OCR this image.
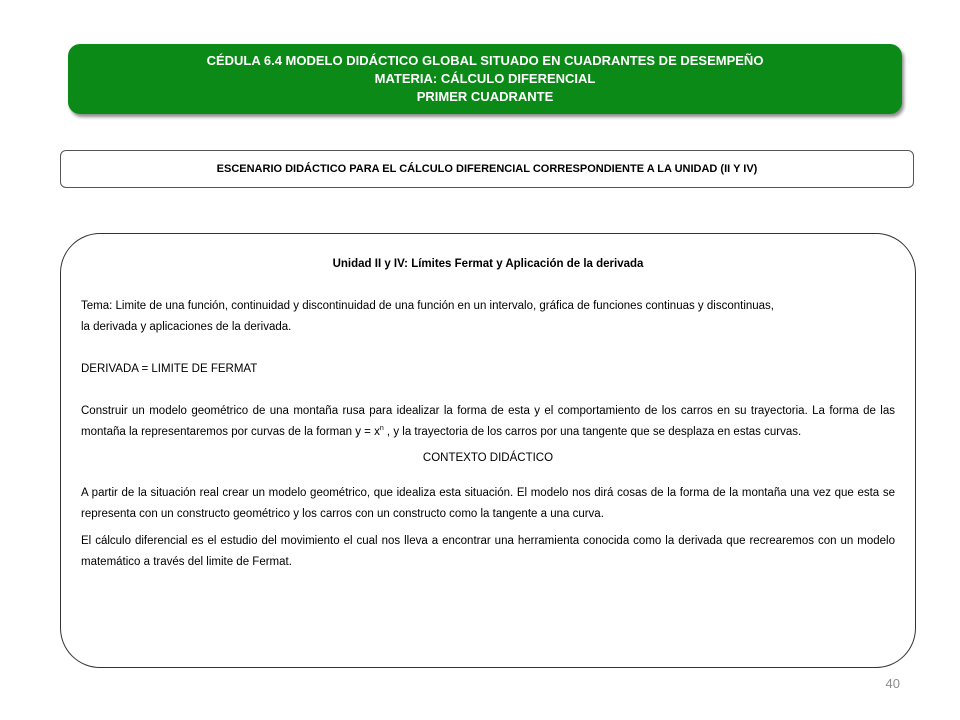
CÉDULA 6.4 MODELO DIDÁCTICO GLOBAL SITUADO EN CUADRANTES DE DESEMPEÑO
MATERIA: CÁLCULO DIFERENCIAL
PRIMER CUADRANTE
ESCENARIO DIDÁCTICO PARA EL CÁLCULO DIFERENCIAL CORRESPONDIENTE A LA UNIDAD (II Y IV)
Unidad II y IV: Límites Fermat y Aplicación de la derivada
Tema: Limite de una función, continuidad y discontinuidad de una función en un intervalo, gráfica de funciones continuas y discontinuas,
la derivada y aplicaciones de la derivada.
DERIVADA = LIMITE DE FERMAT
Construir un modelo geométrico de una montaña rusa para idealizar la forma de esta y el comportamiento de los carros en su trayectoria. La forma de las montaña la representaremos por curvas de la forman $y = x^n$ , y la trayectoria de los carros por una tangente que se desplaza en estas curvas.
CONTEXTO DIDÁCTICO
A partir de la situación real crear un modelo geométrico, que idealiza esta situación. El modelo nos dirá cosas de la forma de la montaña una vez que esta se representa con un constructo geométrico y los carros con un constructo como la tangente a una curva.
El cálculo diferencial es el estudio del movimiento el cual nos lleva a encontrar una herramienta conocida como la derivada que recrearemos con un modelo matemático a través del limite de Fermat.
40
